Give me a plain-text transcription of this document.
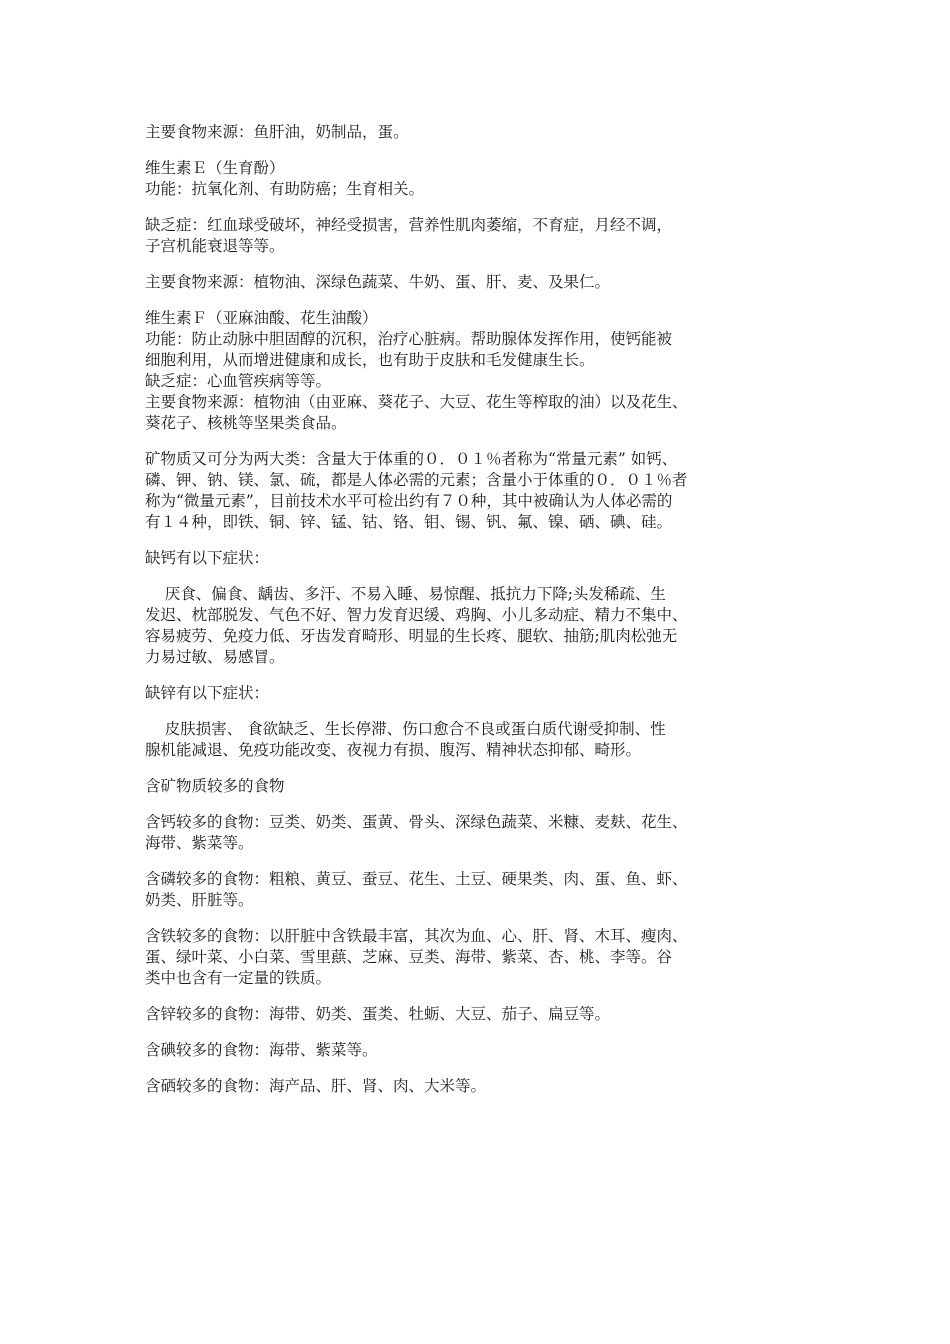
主要食物来源：鱼肝油，奶制品，蛋。
维生素Ｅ（生育酚）
功能：抗氧化剂、有助防癌；生育相关。
缺乏症：红血球受破坏，神经受损害，营养性肌肉萎缩，不育症，月经不调，
子宫机能衰退等等。
主要食物来源：植物油、深绿色蔬菜、牛奶、蛋、肝、麦、及果仁。
维生素Ｆ（亚麻油酸、花生油酸）
功能：防止动脉中胆固醇的沉积，治疗心脏病。帮助腺体发挥作用，使钙能被
细胞利用，从而增进健康和成长，也有助于皮肤和毛发健康生长。
缺乏症：心血管疾病等等。
主要食物来源：植物油（由亚麻、葵花子、大豆、花生等榨取的油）以及花生、
葵花子、核桃等坚果类食品。
矿物质又可分为两大类：含量大于体重的０．０１％者称为“常量元素” 如钙、
磷、钾、钠、镁、氯、硫，都是人体必需的元素；含量小于体重的０．０１％者
称为“微量元素”，目前技术水平可检出约有７０种，其中被确认为人体必需的
有１４种，即铁、铜、锌、锰、钴、铬、钼、锡、钒、氟、镍、硒、碘、硅。
缺钙有以下症状：
厌食、偏食、龋齿、多汗、不易入睡、易惊醒、抵抗力下降;头发稀疏、生
发迟、枕部脱发、气色不好、智力发育迟缓、鸡胸、小儿多动症、精力不集中、
容易疲劳、免疫力低、牙齿发育畸形、明显的生长疼、腿软、抽筋;肌肉松弛无
力易过敏、易感冒。
缺锌有以下症状：
皮肤损害、 食欲缺乏、生长停滞、伤口愈合不良或蛋白质代谢受抑制、性
腺机能减退、免疫功能改变、夜视力有损、腹泻、精神状态抑郁、畸形。
含矿物质较多的食物
含钙较多的食物：豆类、奶类、蛋黄、骨头、深绿色蔬菜、米糠、麦麸、花生、
海带、紫菜等。
含磷较多的食物：粗粮、黄豆、蚕豆、花生、土豆、硬果类、肉、蛋、鱼、虾、
奶类、肝脏等。
含铁较多的食物：以肝脏中含铁最丰富，其次为血、心、肝、肾、木耳、瘦肉、
蛋、绿叶菜、小白菜、雪里蕻、芝麻、豆类、海带、紫菜、杏、桃、李等。谷
类中也含有一定量的铁质。
含锌较多的食物：海带、奶类、蛋类、牡蛎、大豆、茄子、扁豆等。
含碘较多的食物：海带、紫菜等。
含硒较多的食物：海产品、肝、肾、肉、大米等。
